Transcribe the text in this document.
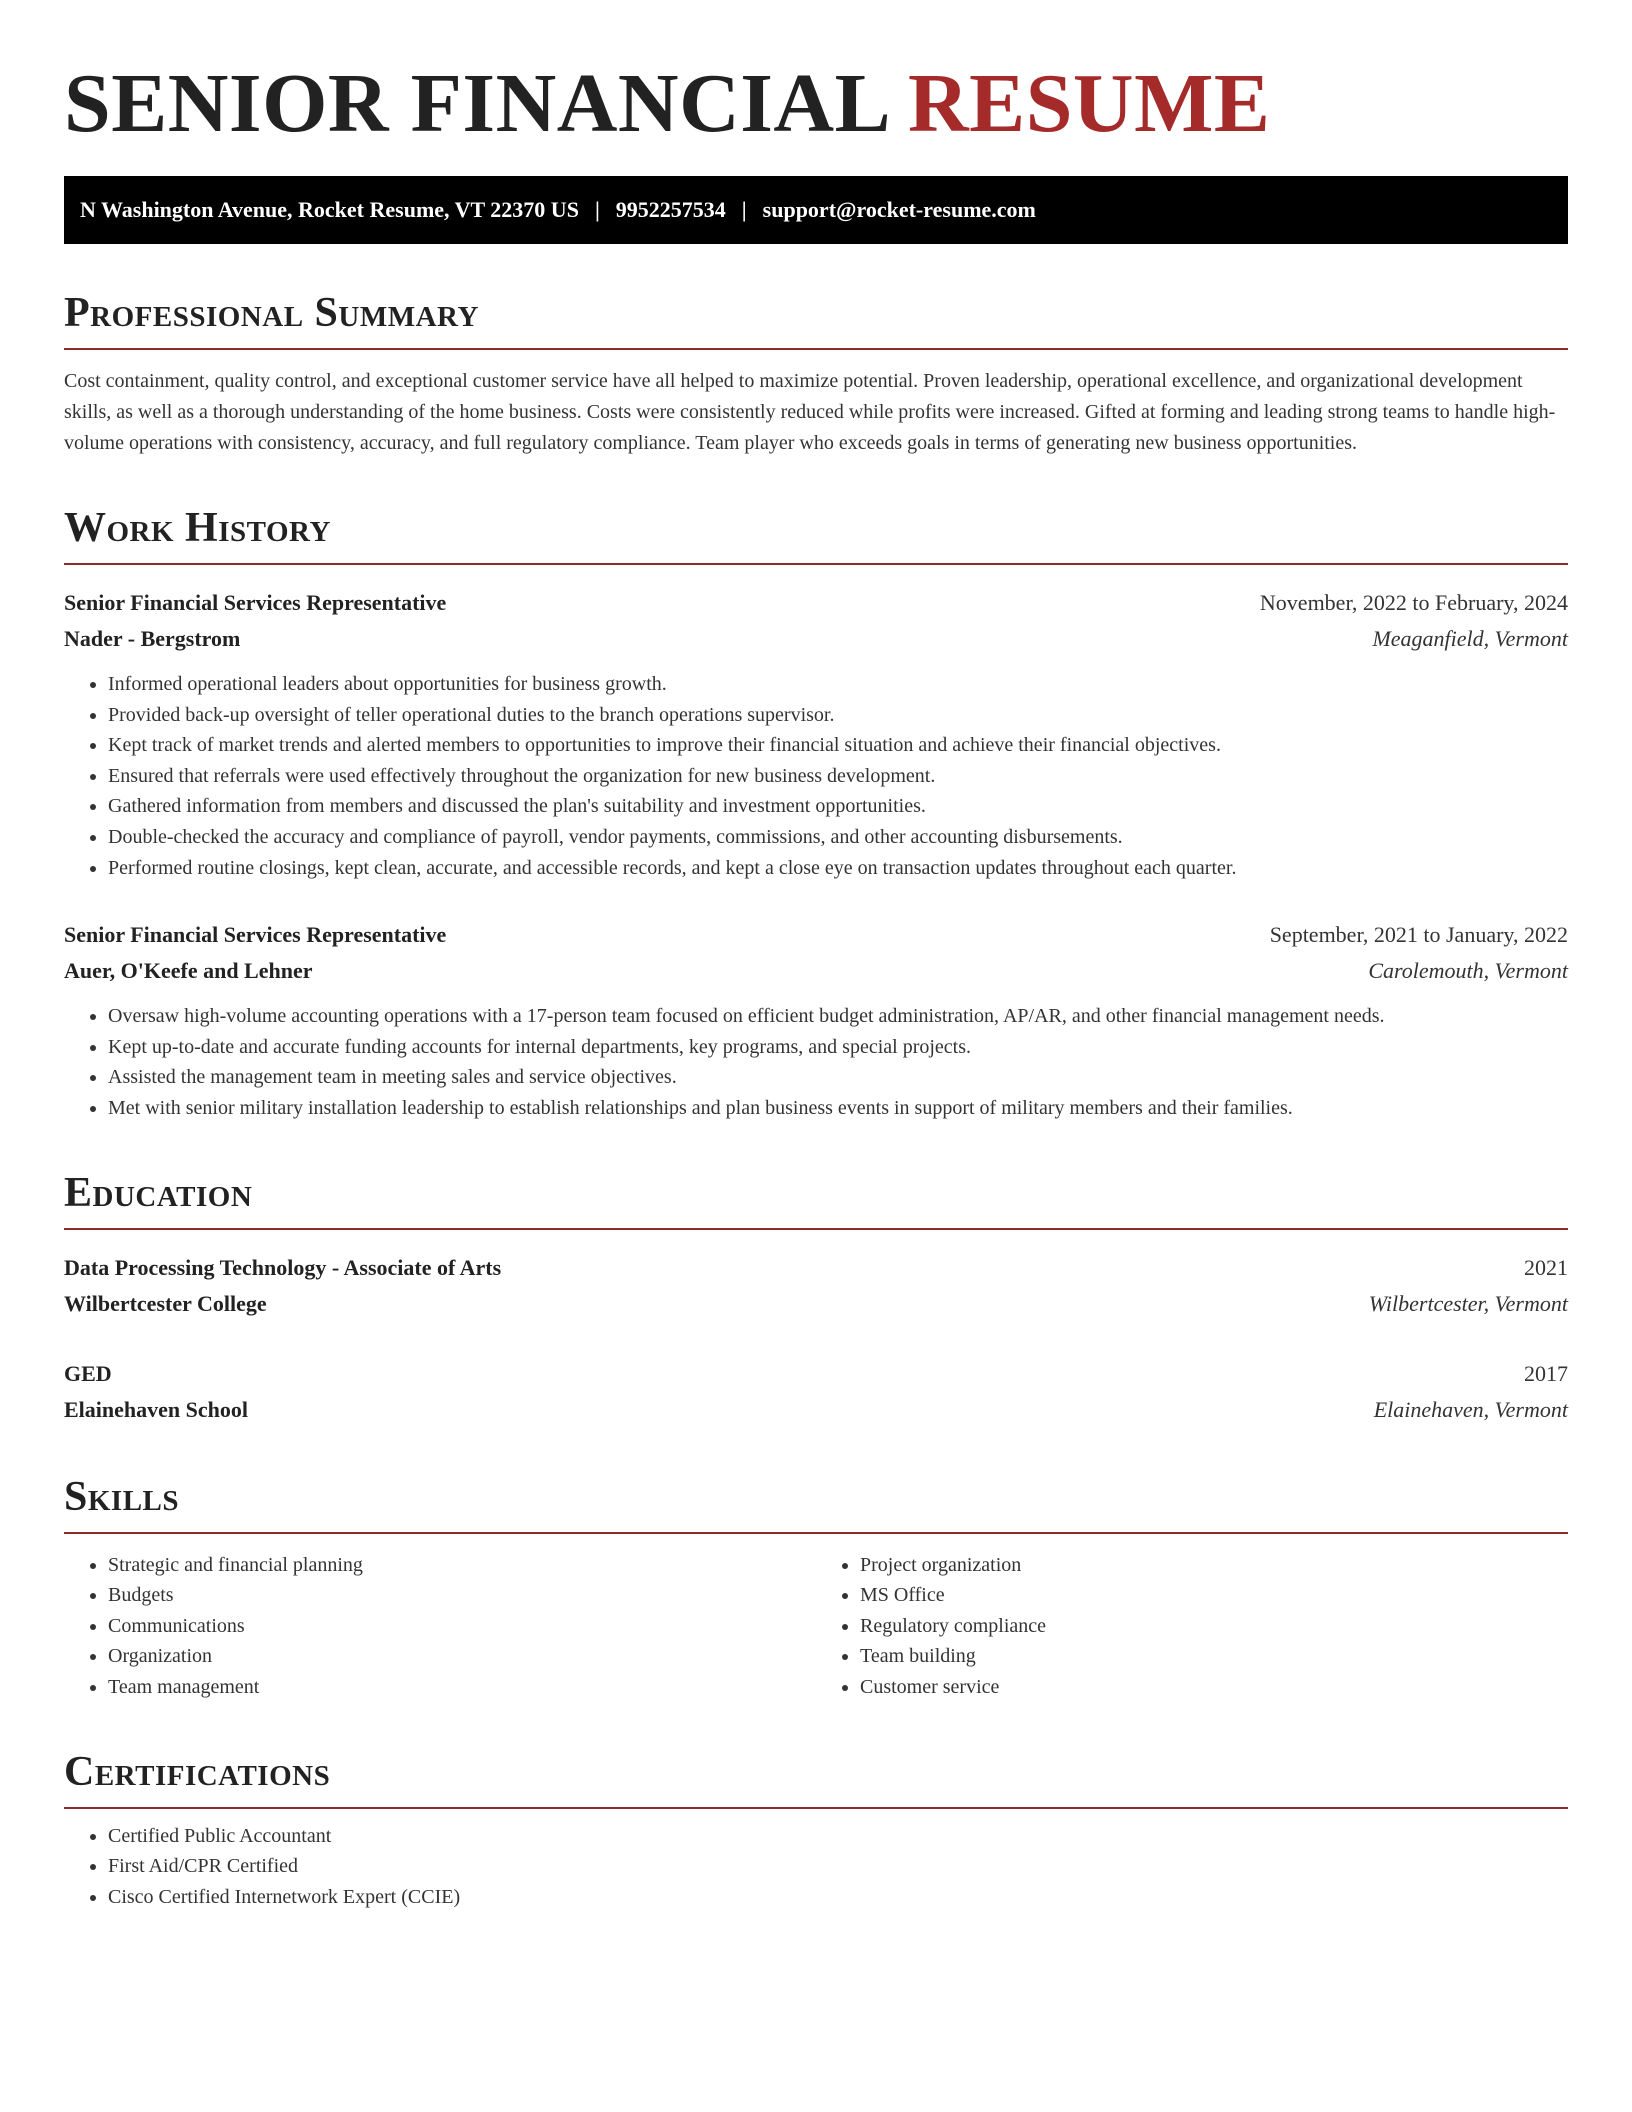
SENIOR FINANCIAL RESUME
N Washington Avenue, Rocket Resume, VT 22370 US | 9952257534 | support@rocket-resume.com
Professional Summary

Cost containment, quality control, and exceptional customer service have all helped to maximize potential. Proven leadership, operational excellence, and organizational development skills, as well as a thorough understanding of the home business. Costs were consistently reduced while profits were increased. Gifted at forming and leading strong teams to handle high-volume operations with consistency, accuracy, and full regulatory compliance. Team player who exceeds goals in terms of generating new business opportunities.

Work History
Senior Financial Services Representative	November, 2022 to February, 2024
Nader - Bergstrom	Meaganfield, Vermont
• Informed operational leaders about opportunities for business growth.
• Provided back-up oversight of teller operational duties to the branch operations supervisor.
• Kept track of market trends and alerted members to opportunities to improve their financial situation and achieve their financial objectives.
• Ensured that referrals were used effectively throughout the organization for new business development.
• Gathered information from members and discussed the plan's suitability and investment opportunities.
• Double-checked the accuracy and compliance of payroll, vendor payments, commissions, and other accounting disbursements.
• Performed routine closings, kept clean, accurate, and accessible records, and kept a close eye on transaction updates throughout each quarter.
Senior Financial Services Representative	September, 2021 to January, 2022
Auer, O'Keefe and Lehner	Carolemouth, Vermont
• Oversaw high-volume accounting operations with a 17-person team focused on efficient budget administration, AP/AR, and other financial management needs.
• Kept up-to-date and accurate funding accounts for internal departments, key programs, and special projects.
• Assisted the management team in meeting sales and service objectives.
• Met with senior military installation leadership to establish relationships and plan business events in support of military members and their families.
Education
Data Processing Technology - Associate of Arts	2021
Wilbertcester College	Wilbertcester, Vermont
GED	2017
Elainehaven School	Elainehaven, Vermont
Skills
• Strategic and financial planning
• Budgets
• Communications
• Organization
• Team management
• Project organization
• MS Office
• Regulatory compliance
• Team building
• Customer service
Certifications
• Certified Public Accountant
• First Aid/CPR Certified
• Cisco Certified Internetwork Expert (CCIE)
